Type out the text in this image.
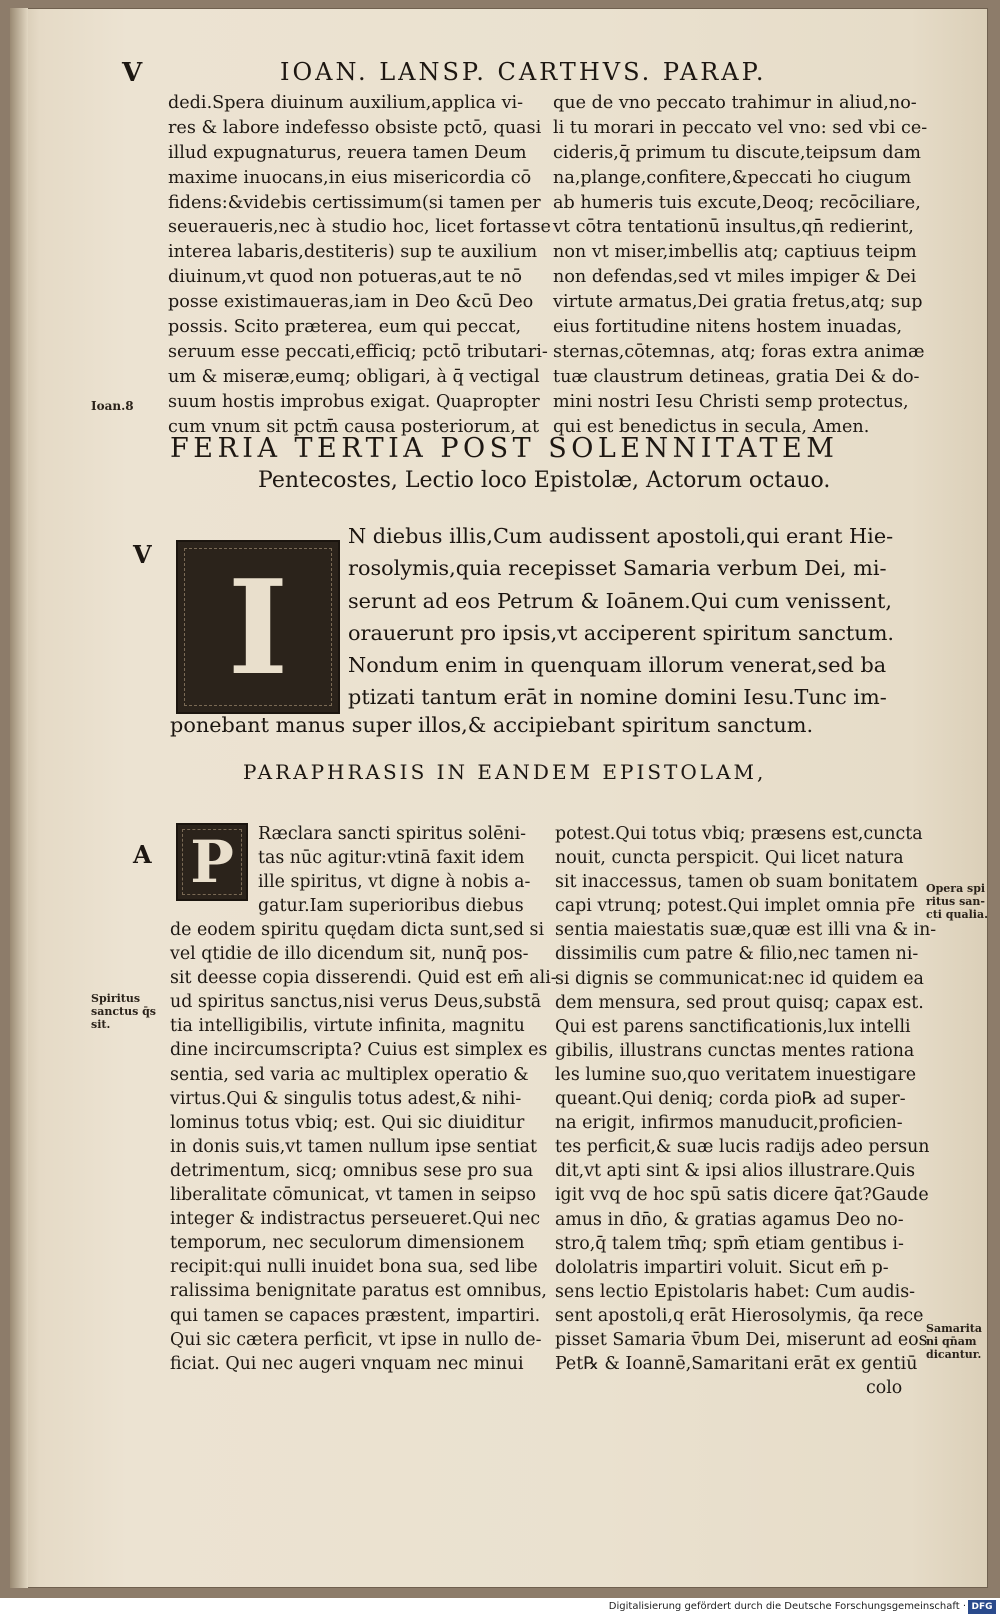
V	IOAN. LANSP. CARTHVS. PARAP.
dedi.Spera diuinum auxilium,applica vi-
res & labore indefesso obsiste pctō, quasi
illud expugnaturus, reuera tamen Deum
maxime inuocans,in eius misericordia cō
fidens:&videbis certissimum(si tamen per
seueraueris,nec à studio hoc, licet fortasse
interea labaris,destiteris) sup te auxilium
diuinum,vt quod non potueras,aut te nō
posse existimaueras,iam in Deo &cū Deo
possis. Scito præterea, eum qui peccat,
seruum esse peccati,efficiq; pctō tributari-
um & miseræ,eumq; obligari, à q̄ vectigal
suum hostis improbus exigat. Quapropter
cum vnum sit pctm̄ causa posteriorum, at
que de vno peccato trahimur in aliud,no-
li tu morari in peccato vel vno: sed vbi ce-
cideris,q̄ primum tu discute,teipsum dam
na,plange,confitere,&peccati ho ciugum
ab humeris tuis excute,Deoq; recōciliare,
vt cōtra tentationū insultus,qn̄ redierint,
non vt miser,imbellis atq; captiuus teipm
non defendas,sed vt miles impiger & Dei
virtute armatus,Dei gratia fretus,atq; sup
eius fortitudine nitens hostem inuadas,
sternas,cōtemnas, atq; foras extra animæ
tuæ claustrum detineas, gratia Dei & do-
mini nostri Iesu Christi semp protectus,
qui est benedictus in secula, Amen.
Ioan.8
FERIA TERTIA POST SOLENNITATEM
Pentecostes, Lectio loco Epistolæ, Actorum octauo.
V I
N diebus illis,Cum audissent apostoli,qui erant Hie-
rosolymis,quia recepisset Samaria verbum Dei, mi-
serunt ad eos Petrum & Ioānem.Qui cum venissent,
orauerunt pro ipsis,vt acciperent spiritum sanctum.
Nondum enim in quenquam illorum venerat,sed ba
ptizati tantum erāt in nomine domini Iesu.Tunc im-
ponebant manus super illos,& accipiebant spiritum sanctum.
PARAPHRASIS IN EANDEM EPISTOLAM,
A P Ræclara sancti spiritus solēni-
tas nūc agitur:vtinā faxit idem
ille spiritus, vt digne à nobis a-
gatur.Iam superioribus diebus
de eodem spiritu quędam dicta sunt,sed si
vel qtidie de illo dicendum sit, nunq̄ pos-
sit deesse copia disserendi. Quid est em̄ ali-
ud spiritus sanctus,nisi verus Deus,substā
tia intelligibilis, virtute infinita, magnitu
dine incircumscripta? Cuius est simplex es
sentia, sed varia ac multiplex operatio &
virtus.Qui & singulis totus adest,& nihi-
lominus totus vbiq; est. Qui sic diuiditur
in donis suis,vt tamen nullum ipse sentiat
detrimentum, sicq; omnibus sese pro sua
liberalitate cōmunicat, vt tamen in seipso
integer & indistractus perseueret.Qui nec
temporum, nec seculorum dimensionem
recipit:qui nulli inuidet bona sua, sed libe
ralissima benignitate paratus est omnibus,
qui tamen se capaces præstent, impartiri.
Qui sic cætera perficit, vt ipse in nullo de-
ficiat. Qui nec augeri vnquam nec minui
potest.Qui totus vbiq; præsens est,cuncta
nouit, cuncta perspicit. Qui licet natura
sit inaccessus, tamen ob suam bonitatem
capi vtrunq; potest.Qui implet omnia pr̄e
sentia maiestatis suæ,quæ est illi vna & in-
dissimilis cum patre & filio,nec tamen ni-
si dignis se communicat:nec id quidem ea
dem mensura, sed prout quisq; capax est.
Qui est parens sanctificationis,lux intelli
gibilis, illustrans cunctas mentes rationa
les lumine suo,quo veritatem inuestigare
queant.Qui deniq; corda pio℞ ad super-
na erigit, infirmos manuducit,proficien-
tes perficit,& suæ lucis radijs adeo persun
dit,vt apti sint & ipsi alios illustrare.Quis
igit vvq de hoc spū satis dicere q̄at?Gaude
amus in dn̄o, & gratias agamus Deo no-
stro,q̄ talem tm̄q; spm̄ etiam gentibus i-
dololatris impartiri voluit. Sicut em̄ p-
sens lectio Epistolaris habet: Cum audis-
sent apostoli,q erāt Hierosolymis, q̄a rece
pisset Samaria v̄bum Dei, miserunt ad eos
Pet℞ & Ioannē,Samaritani erāt ex gentiū
colo
Spiritus
sanctus q̄s
sit.
Opera spi
ritus san-
cti qualia.
Samarita
ni qn̄am
dicantur.
Digitalisierung gefördert durch die Deutsche Forschungsgemeinschaft · DFG
